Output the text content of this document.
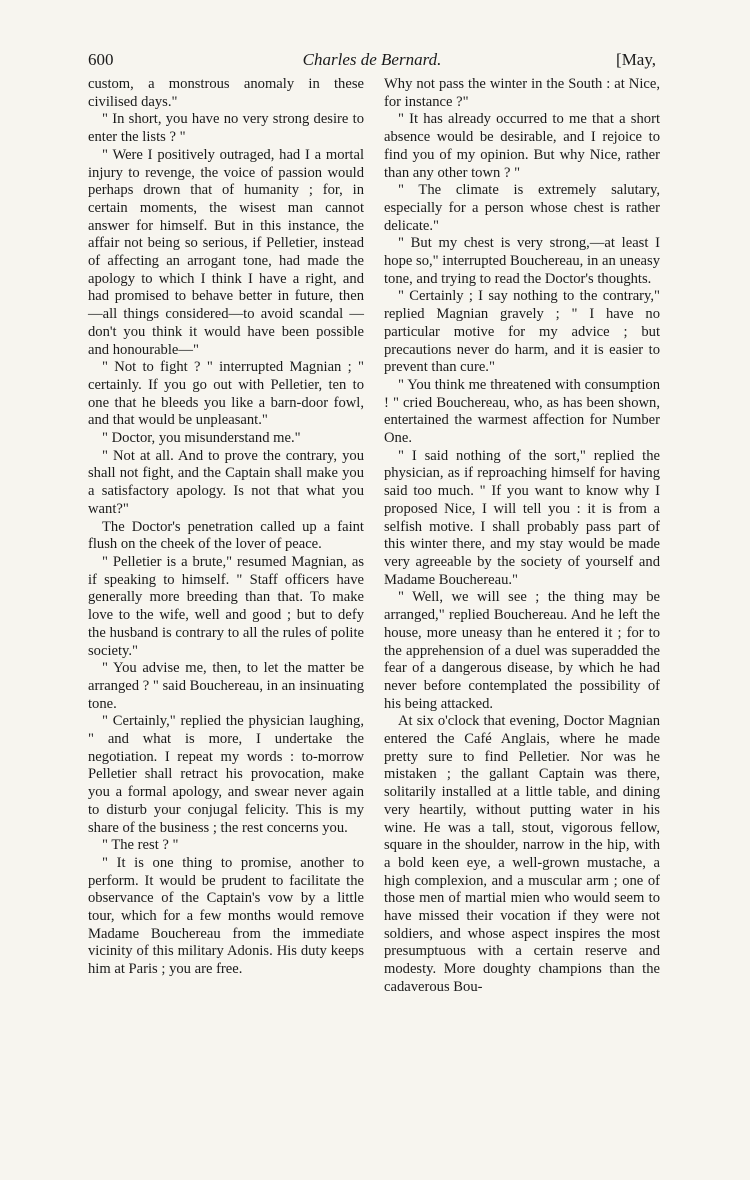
600	Charles de Bernard.	[May,

custom, a monstrous anomaly in these civilised days."

" In short, you have no very strong desire to enter the lists ? "

" Were I positively outraged, had I a mortal injury to revenge, the voice of passion would perhaps drown that of humanity ; for, in certain moments, the wisest man cannot answer for himself. But in this instance, the affair not being so serious, if Pelletier, instead of affecting an arrogant tone, had made the apology to which I think I have a right, and had promised to behave better in future, then—all things considered—to avoid scandal —don't you think it would have been possible and honourable—"

" Not to fight ? " interrupted Magnian ; " certainly. If you go out with Pelletier, ten to one that he bleeds you like a barn-door fowl, and that would be unpleasant."

" Doctor, you misunderstand me."

" Not at all. And to prove the contrary, you shall not fight, and the Captain shall make you a satisfactory apology. Is not that what you want?"

The Doctor's penetration called up a faint flush on the cheek of the lover of peace.

" Pelletier is a brute," resumed Magnian, as if speaking to himself. " Staff officers have generally more breeding than that. To make love to the wife, well and good ; but to defy the husband is contrary to all the rules of polite society."

" You advise me, then, to let the matter be arranged ? " said Bouchereau, in an insinuating tone.

" Certainly," replied the physician laughing, " and what is more, I undertake the negotiation. I repeat my words : to-morrow Pelletier shall retract his provocation, make you a formal apology, and swear never again to disturb your conjugal felicity. This is my share of the business ; the rest concerns you.

" The rest ? "

" It is one thing to promise, another to perform. It would be prudent to facilitate the observance of the Captain's vow by a little tour, which for a few months would remove Madame Bouchereau from the immediate vicinity of this military Adonis. His duty keeps him at Paris ; you are free.

Why not pass the winter in the South : at Nice, for instance ?"

" It has already occurred to me that a short absence would be desirable, and I rejoice to find you of my opinion. But why Nice, rather than any other town ? "

" The climate is extremely salutary, especially for a person whose chest is rather delicate."

" But my chest is very strong,—at least I hope so," interrupted Bouchereau, in an uneasy tone, and trying to read the Doctor's thoughts.

" Certainly ; I say nothing to the contrary," replied Magnian gravely ; " I have no particular motive for my advice ; but precautions never do harm, and it is easier to prevent than cure."

" You think me threatened with consumption ! " cried Bouchereau, who, as has been shown, entertained the warmest affection for Number One.

" I said nothing of the sort," replied the physician, as if reproaching himself for having said too much. " If you want to know why I proposed Nice, I will tell you : it is from a selfish motive. I shall probably pass part of this winter there, and my stay would be made very agreeable by the society of yourself and Madame Bouchereau."

" Well, we will see ; the thing may be arranged," replied Bouchereau. And he left the house, more uneasy than he entered it ; for to the apprehension of a duel was superadded the fear of a dangerous disease, by which he had never before contemplated the possibility of his being attacked.

At six o'clock that evening, Doctor Magnian entered the Café Anglais, where he made pretty sure to find Pelletier. Nor was he mistaken ; the gallant Captain was there, solitarily installed at a little table, and dining very heartily, without putting water in his wine. He was a tall, stout, vigorous fellow, square in the shoulder, narrow in the hip, with a bold keen eye, a well-grown mustache, a high complexion, and a muscular arm ; one of those men of martial mien who would seem to have missed their vocation if they were not soldiers, and whose aspect inspires the most presumptuous with a certain reserve and modesty. More doughty champions than the cadaverous Bou-
